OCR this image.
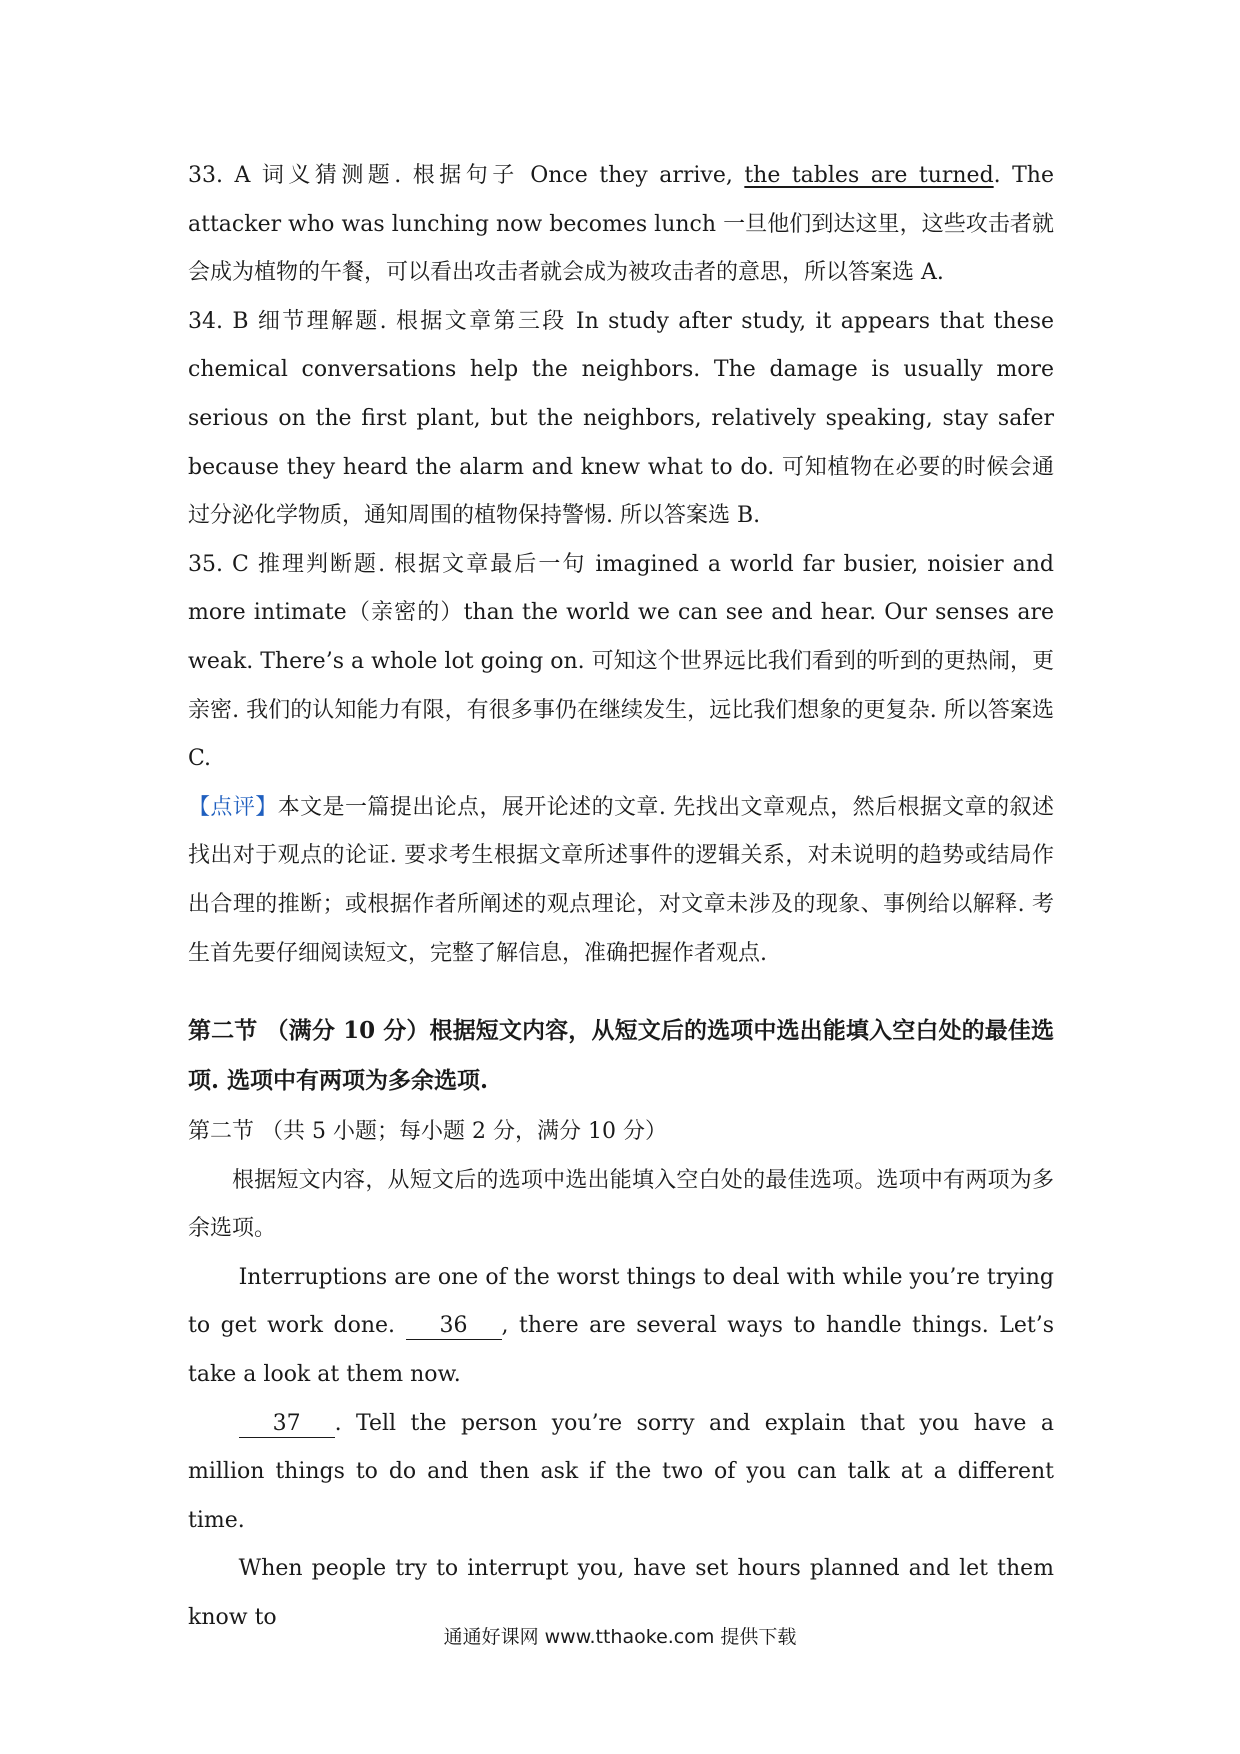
33. A 词义猜测题. 根据句子 Once they arrive, the tables are turned. The attacker who was lunching now becomes lunch 一旦他们到达这里，这些攻击者就会成为植物的午餐，可以看出攻击者就会成为被攻击者的意思，所以答案选 A.

34. B 细节理解题. 根据文章第三段 In study after study, it appears that these chemical conversations help the neighbors. The damage is usually more serious on the first plant, but the neighbors, relatively speaking, stay safer because they heard the alarm and knew what to do. 可知植物在必要的时候会通过分泌化学物质，通知周围的植物保持警惕. 所以答案选 B.

35. C 推理判断题. 根据文章最后一句 imagined a world far busier, noisier and more intimate（亲密的）than the world we can see and hear. Our senses are weak. There’s a whole lot going on. 可知这个世界远比我们看到的听到的更热闹，更亲密. 我们的认知能力有限，有很多事仍在继续发生，远比我们想象的更复杂. 所以答案选 C.

【点评】本文是一篇提出论点，展开论述的文章. 先找出文章观点，然后根据文章的叙述找出对于观点的论证. 要求考生根据文章所述事件的逻辑关系，对未说明的趋势或结局作出合理的推断；或根据作者所阐述的观点理论，对文章未涉及的现象、事例给以解释. 考生首先要仔细阅读短文，完整了解信息，准确把握作者观点.

第二节 （满分 10 分）根据短文内容，从短文后的选项中选出能填入空白处的最佳选项. 选项中有两项为多余选项.

第二节 （共 5 小题；每小题 2 分，满分 10 分）

根据短文内容，从短文后的选项中选出能填入空白处的最佳选项。选项中有两项为多余选项。

Interruptions are one of the worst things to deal with while you’re trying to get work done. 36 , there are several ways to handle things. Let’s take a look at them now.

37 . Tell the person you’re sorry and explain that you have a million things to do and then ask if the two of you can talk at a different time.

When people try to interrupt you, have set hours planned and let them know to

通通好课网 www.tthaoke.com 提供下载
